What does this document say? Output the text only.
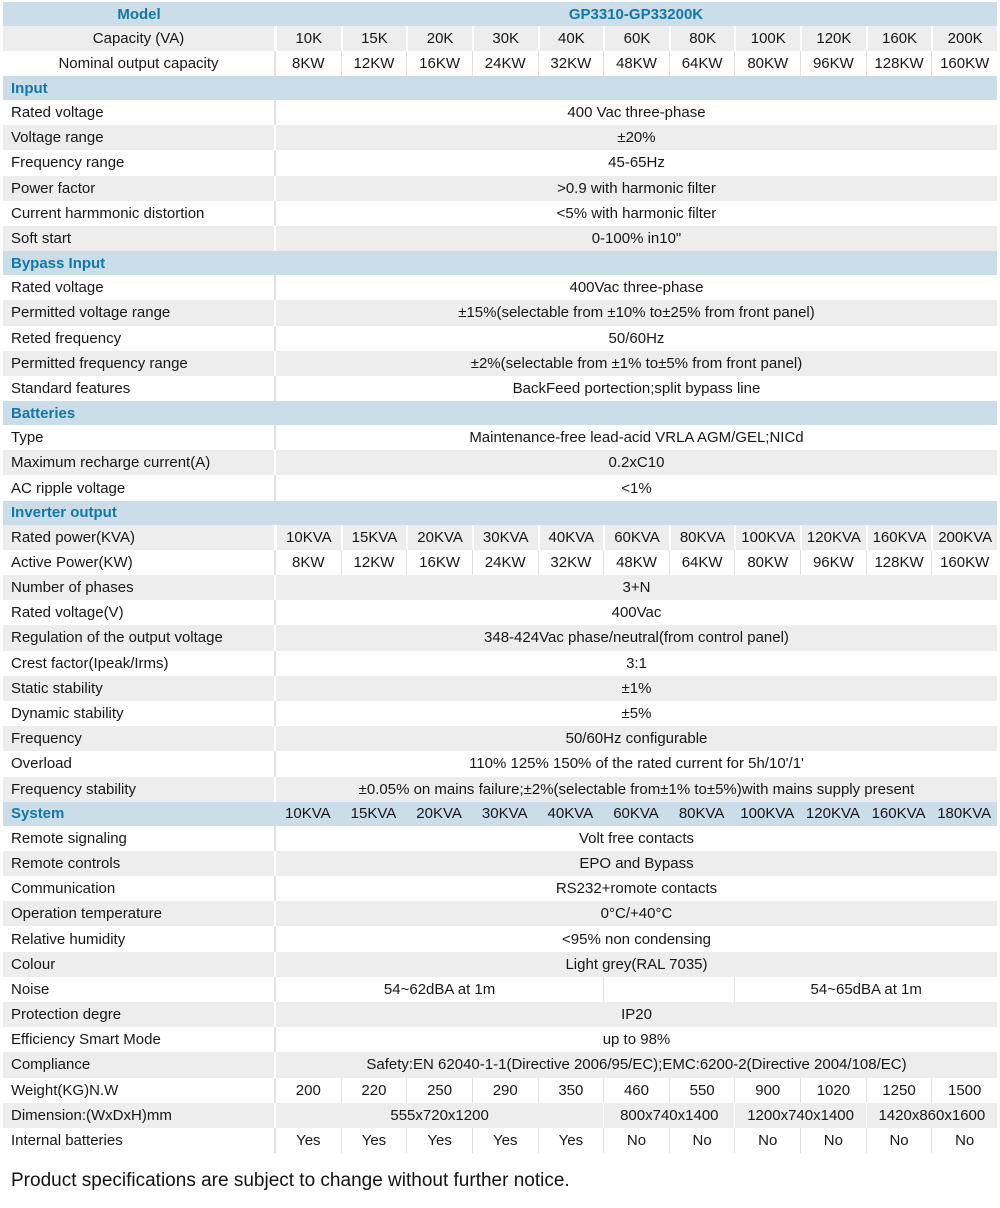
Model	GP3310-GP33200K
Capacity (VA)	10K	15K	20K	30K	40K	60K	80K	100K	120K	160K	200K
Nominal output capacity	8KW	12KW	16KW	24KW	32KW	48KW	64KW	80KW	96KW	128KW	160KW
Input
Rated voltage	400 Vac three-phase
Voltage range	±20%
Frequency range	45-65Hz
Power factor	>0.9 with harmonic filter
Current harmmonic distortion	<5% with harmonic filter
Soft start	0-100% in10"
Bypass Input
Rated voltage	400Vac three-phase
Permitted voltage range	±15%(selectable from ±10% to±25% from front panel)
Reted frequency	50/60Hz
Permitted frequency range	±2%(selectable from ±1% to±5% from front panel)
Standard features	BackFeed portection;split bypass line
Batteries
Type	Maintenance-free lead-acid VRLA AGM/GEL;NICd
Maximum recharge current(A)	0.2xC10
AC ripple voltage	<1%
Inverter output
Rated power(KVA)	10KVA	15KVA	20KVA	30KVA	40KVA	60KVA	80KVA	100KVA 120KVA 160KVA 200KVA
Active Power(KW)	8KW	12KW	16KW	24KW	32KW	48KW	64KW	80KW	96KW	128KW	160KW
Number of phases	3+N
Rated voltage(V)	400Vac
Regulation of the output voltage	348-424Vac phase/neutral(from control panel)
Crest factor(Ipeak/Irms)	3:1
Static stability	±1%
Dynamic stability	±5%
Frequency	50/60Hz configurable
Overload	110% 125% 150% of the rated current for 5h/10'/1'
Frequency stability	±0.05% on mains failure;±2%(selectable from±1% to±5%)with mains supply present
System	10KVA	15KVA	20KVA	30KVA	40KVA	60KVA	80KVA	100KVA 120KVA 160KVA 180KVA
Remote signaling	Volt free contacts
Remote controls	EPO and Bypass
Communication	RS232+romote contacts
Operation temperature	0°C/+40°C
Relative humidity	<95% non condensing
Colour	Light grey(RAL 7035)
Noise	54~62dBA at 1m	54~65dBA at 1m
Protection degre	IP20
Efficiency Smart Mode	up to 98%
Compliance	Safety:EN 62040-1-1(Directive 2006/95/EC);EMC:6200-2(Directive 2004/108/EC)
Weight(KG)N.W	200	220	250	290	350	460	550	900	1020	1250	1500
Dimension:(WxDxH)mm	555x720x1200	800x740x1400	1200x740x1400	1420x860x1600
Internal batteries	Yes	Yes	Yes	Yes	Yes	No	No	No	No	No	No
Product specifications are subject to change without further notice.
